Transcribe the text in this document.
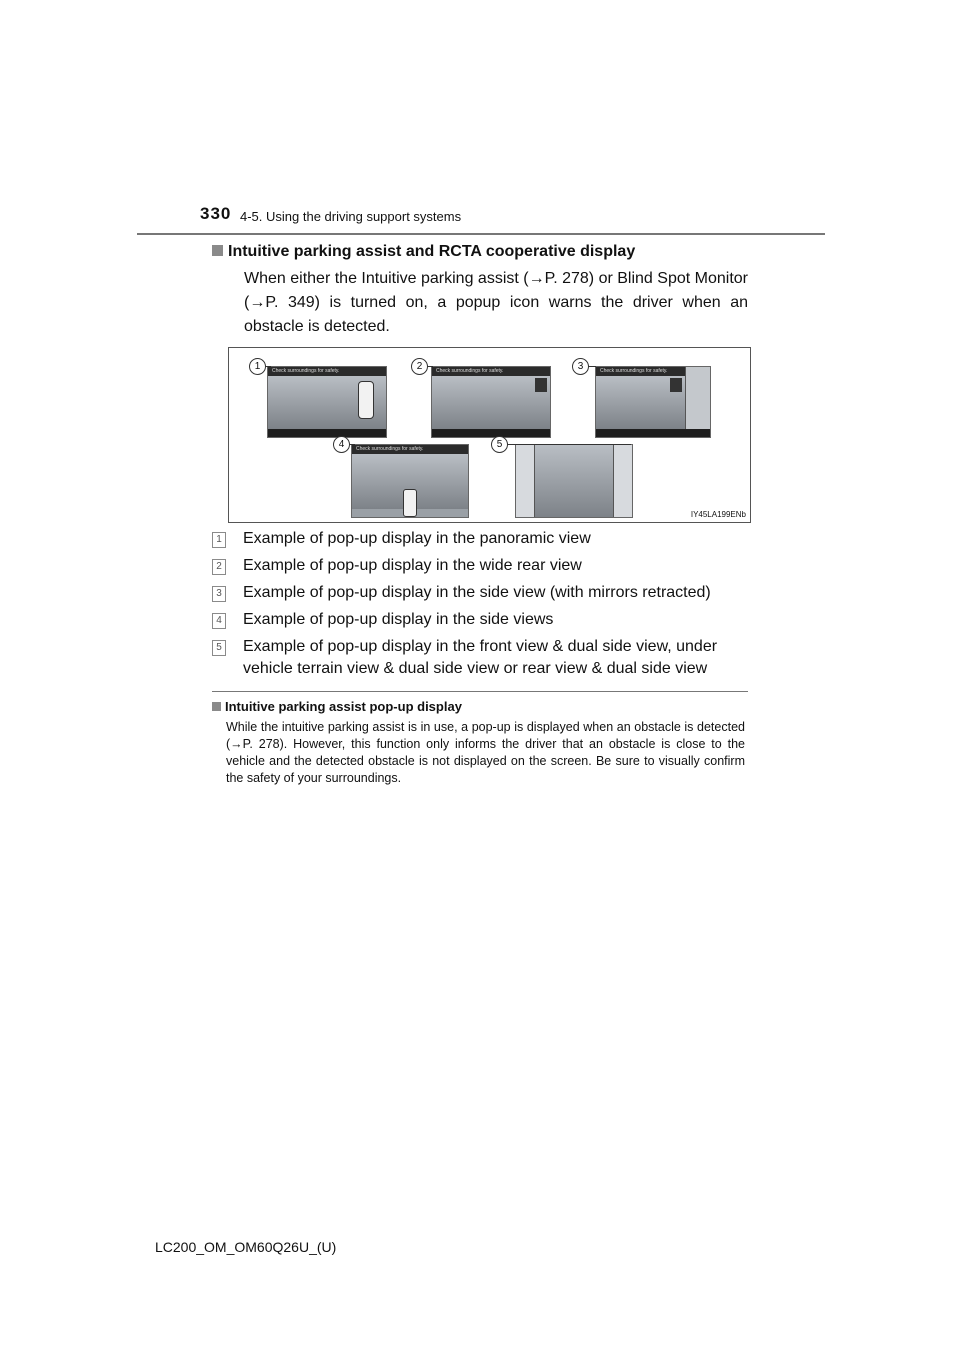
330 4-5. Using the driving support systems
Intuitive parking assist and RCTA cooperative display
When either the Intuitive parking assist (→P. 278) or Blind Spot Monitor (→P. 349) is turned on, a popup icon warns the driver when an obstacle is detected.
Check surroundings for safety.	Check surroundings for safety.	Check surroundings for safety.
Check surroundings for safety.
1	2	3
4	5
IY45LA199ENb
1 Example of pop-up display in the panoramic view
2 Example of pop-up display in the wide rear view
3 Example of pop-up display in the side view (with mirrors retracted)
4 Example of pop-up display in the side views
5 Example of pop-up display in the front view & dual side view, under vehicle terrain view & dual side view or rear view & dual side view
Intuitive parking assist pop-up display
While the intuitive parking assist is in use, a pop-up is displayed when an obstacle is detected (→P. 278). However, this function only informs the driver that an obstacle is close to the vehicle and the detected obstacle is not displayed on the screen. Be sure to visually confirm the safety of your surroundings.
LC200_OM_OM60Q26U_(U)
